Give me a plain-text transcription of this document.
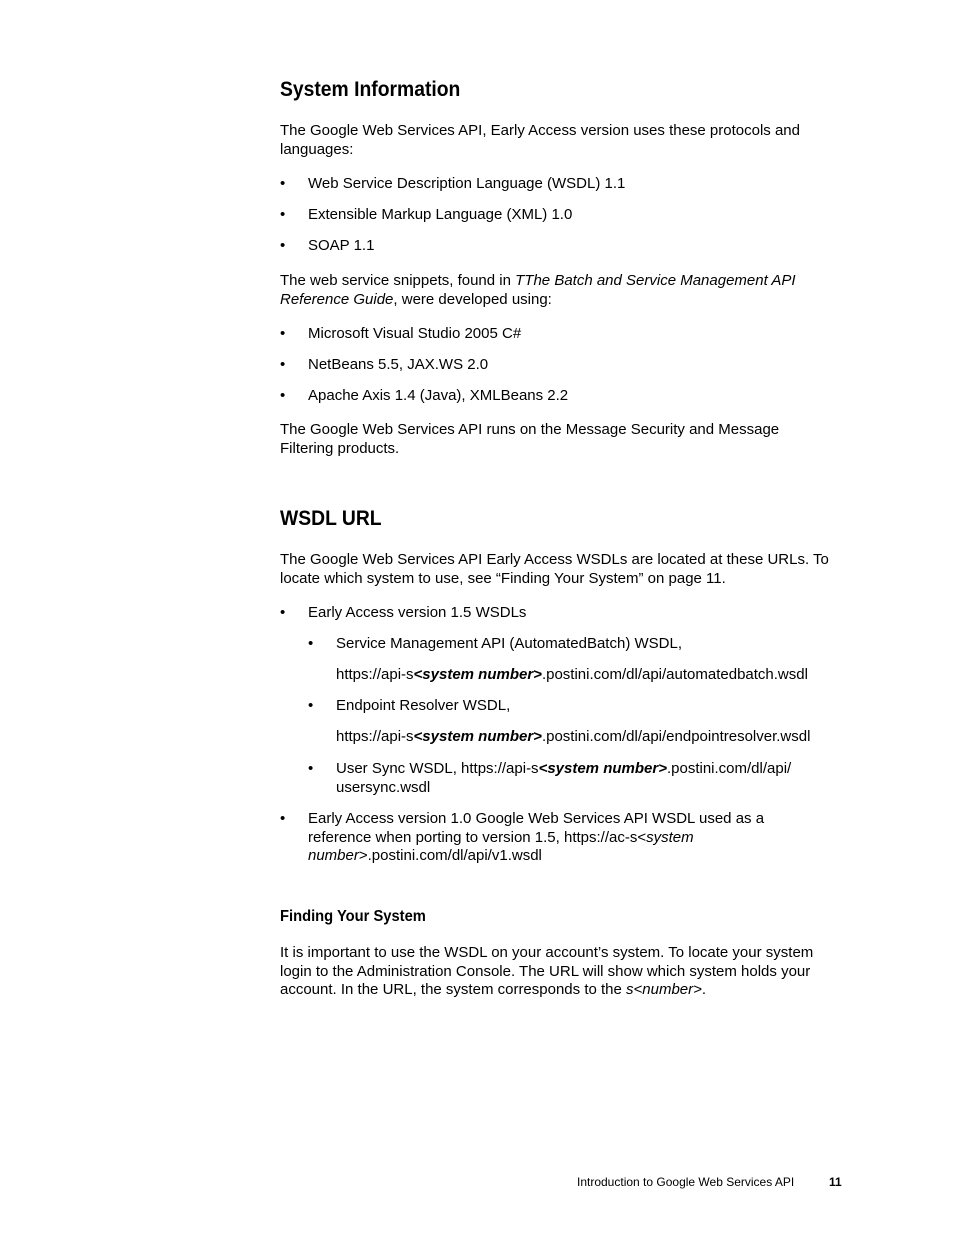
System Information

The Google Web Services API, Early Access version uses these protocols and languages:

• Web Service Description Language (WSDL) 1.1
• Extensible Markup Language (XML) 1.0
• SOAP 1.1

The web service snippets, found in TThe Batch and Service Management API Reference Guide, were developed using:

• Microsoft Visual Studio 2005 C#
• NetBeans 5.5, JAX.WS 2.0
• Apache Axis 1.4 (Java), XMLBeans 2.2

The Google Web Services API runs on the Message Security and Message Filtering products.

WSDL URL

The Google Web Services API Early Access WSDLs are located at these URLs. To locate which system to use, see “Finding Your System” on page 11.

• Early Access version 1.5 WSDLs
• Service Management API (AutomatedBatch) WSDL,
https://api-s<system number>.postini.com/dl/api/automatedbatch.wsdl
• Endpoint Resolver WSDL,
https://api-s<system number>.postini.com/dl/api/endpointresolver.wsdl
• User Sync WSDL, https://api-s<system number>.postini.com/dl/api/
usersync.wsdl
• Early Access version 1.0 Google Web Services API WSDL used as a reference when porting to version 1.5, https://ac-s<system number>.postini.com/dl/api/v1.wsdl
Finding Your System

It is important to use the WSDL on your account’s system. To locate your system login to the Administration Console. The URL will show which system holds your account. In the URL, the system corresponds to the s<number>.

Introduction to Google Web Services API	11
